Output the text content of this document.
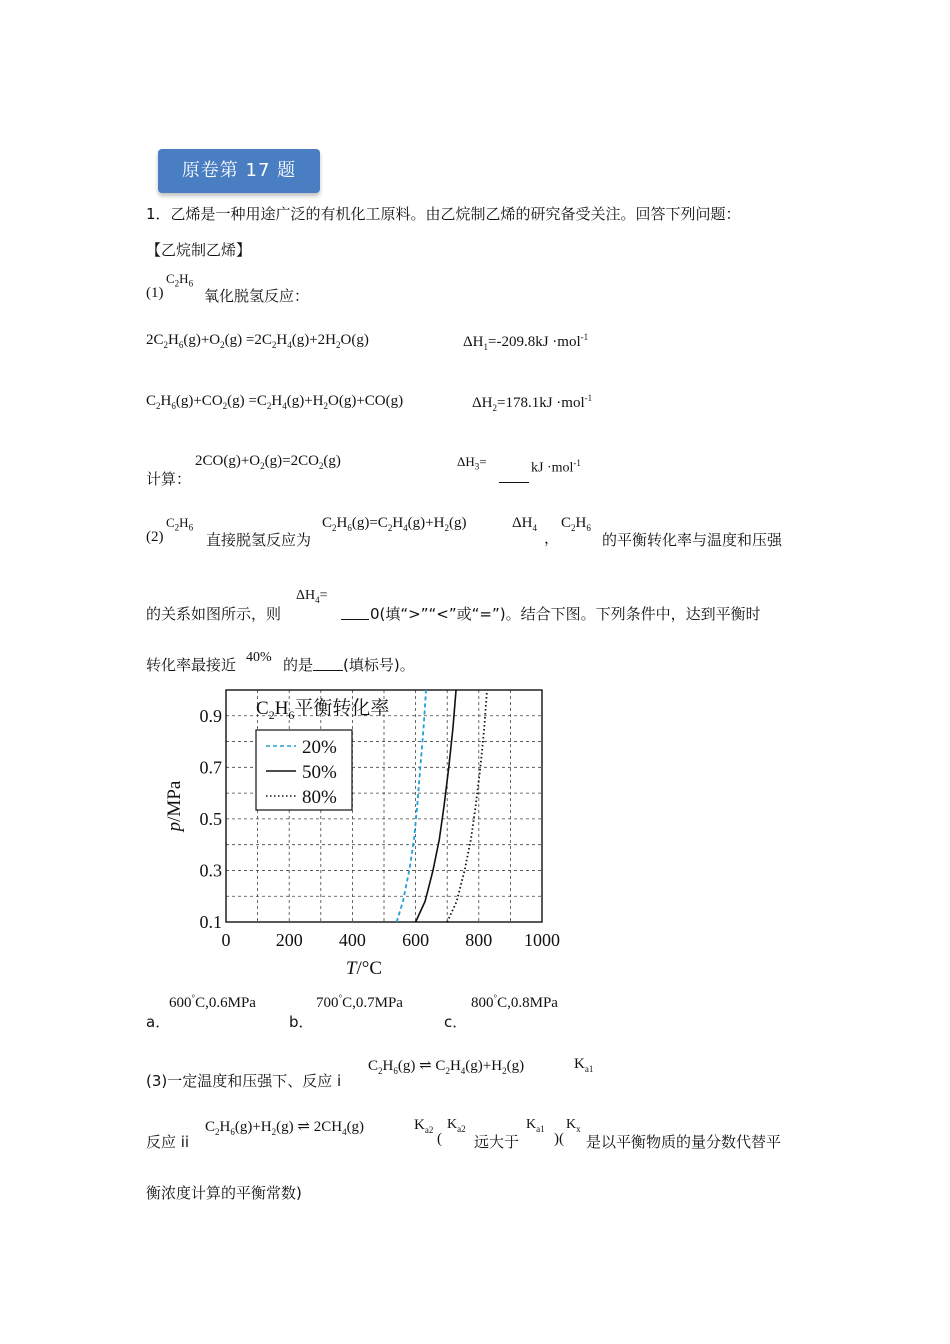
原卷第 17 题
1．乙烯是一种用途广泛的有机化工原料。由乙烷制乙烯的研究备受关注。回答下列问题：
【乙烷制乙烯】
(1)
$C_2H_6$
氧化脱氢反应：
$2C_2H_6(g)+O_2(g) =2C_2H_4(g)+2H_2O(g)$	$\Delta H_1=-209.8kJ \cdot mol^{-1}$
$C_2H_6(g)+CO_2(g) =C_2H_4(g)+H_2O(g)+CO(g)$	$\Delta H_2=178.1kJ \cdot mol^{-1}$
计算：
$2CO(g)+O_2(g)=2CO_2(g)$	$\Delta H_3=$	kJ ·mol$^{-1}$
(2)
$C_2H_6$
直接脱氢反应为
$C_2H_6(g)=C_2H_4(g)+H_2(g)$	$\Delta H_4$
，
$C_2H_6$
的平衡转化率与温度和压强
的关系如图所示，则
$\Delta H_4=$
0(填“>”“<”或“=”)。结合下图。下列条件中，达到平衡时
转化率最接近 40% 的是 (填标号)。
0	200 400 600 800 1000
0.1
0.3
0.5
0.7
0.9
T/°C
p/MPa
$C_2H_6$平衡转化率
20%
50%
80%
a．
600°C,0.6MPa
b．
700°C,0.7MPa
c．
800°C,0.8MPa
(3)一定温度和压强下、反应 i
$C_2H_6(g)$ ⇌ $C_2H_4(g)+H_2(g)$	$K_{a1}$
反应 ii
$C_2H_6(g)+H_2(g)$ ⇌ $2CH_4(g)$	$K_{a2}$
(
$K_{a2}$
远大于
$K_{a1}$
)(
$K_x$
是以平衡物质的量分数代替平
衡浓度计算的平衡常数)
